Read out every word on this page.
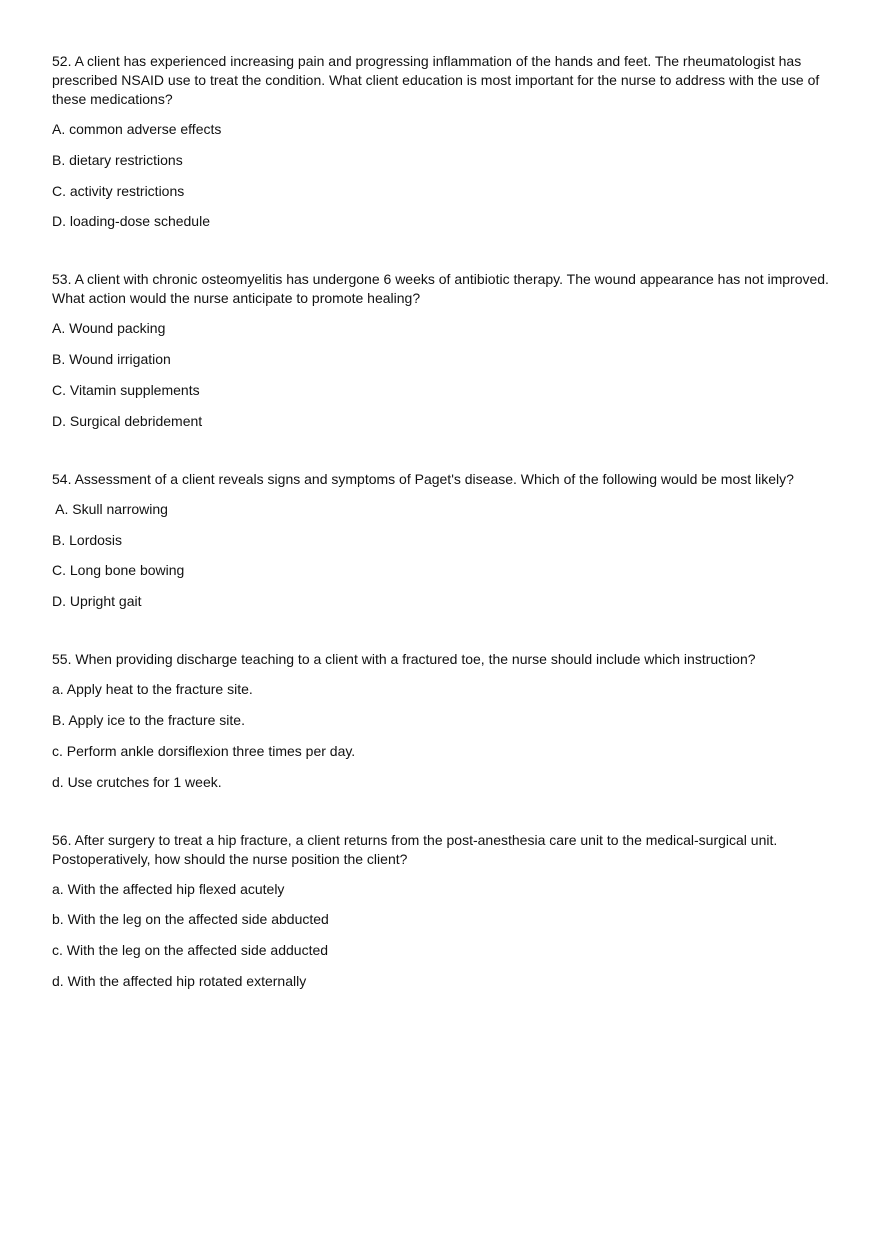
52. A client has experienced increasing pain and progressing inflammation of the hands and feet. The rheumatologist has prescribed NSAID use to treat the condition. What client education is most important for the nurse to address with the use of these medications?

A. common adverse effects

B. dietary restrictions

C. activity restrictions

D. loading-dose schedule

53. A client with chronic osteomyelitis has undergone 6 weeks of antibiotic therapy. The wound appearance has not improved. What action would the nurse anticipate to promote healing?

A. Wound packing

B. Wound irrigation

C. Vitamin supplements

D. Surgical debridement

54. Assessment of a client reveals signs and symptoms of Paget's disease. Which of the following would be most likely?

A. Skull narrowing

B. Lordosis

C. Long bone bowing

D. Upright gait

55. When providing discharge teaching to a client with a fractured toe, the nurse should include which instruction?

a. Apply heat to the fracture site.

B. Apply ice to the fracture site.

c. Perform ankle dorsiflexion three times per day.

d. Use crutches for 1 week.

56. After surgery to treat a hip fracture, a client returns from the post-anesthesia care unit to the medical-surgical unit. Postoperatively, how should the nurse position the client?

a. With the affected hip flexed acutely

b. With the leg on the affected side abducted

c. With the leg on the affected side adducted

d. With the affected hip rotated externally
